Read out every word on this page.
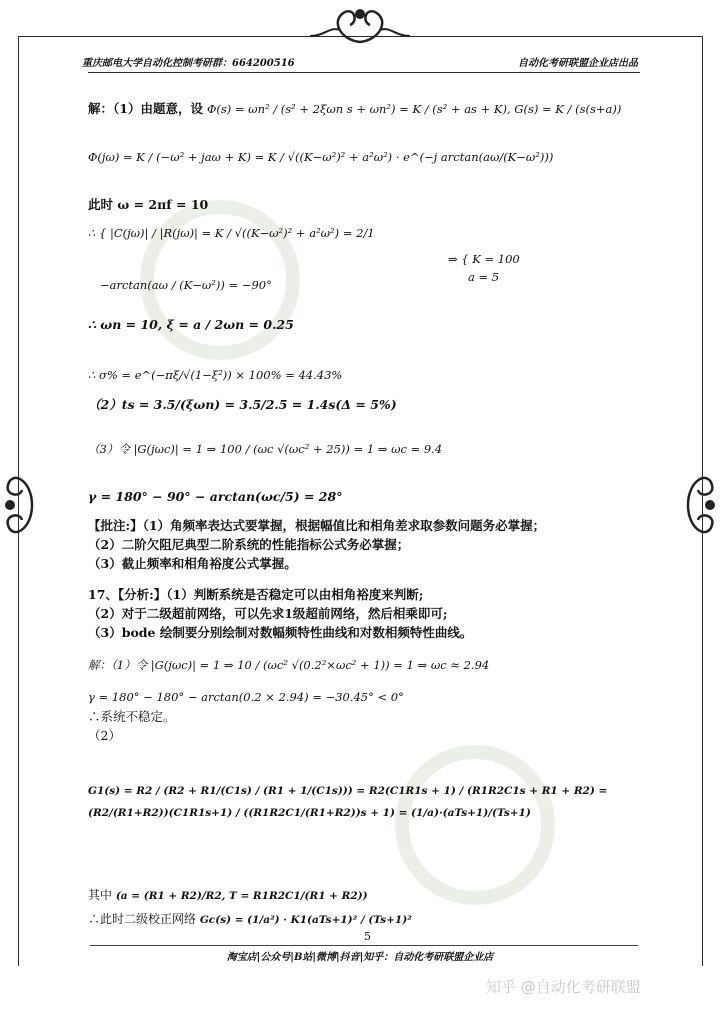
重庆邮电大学自动化控制考研群：664200516	自动化考研联盟企业店出品
解：（1）由题意，设 Φ(s) = ωn² / (s² + 2ξωn s + ωn²) = K / (s² + as + K), G(s) = K / (s(s+a))
Φ(jω) = K / (−ω² + jaω + K) = K / √((K−ω²)² + a²ω²) · e^(−j arctan(aω/(K−ω²)))
此时 ω = 2πf = 10
∴ { |C(jω)| / |R(jω)| = K / √((K−ω²)² + a²ω²) = 2/1
⇒ { K = 100
a = 5
−arctan(aω / (K−ω²)) = −90°
∴ ωn = 10, ξ = a / 2ωn = 0.25
∴ σ% = e^(−πξ/√(1−ξ²)) × 100% = 44.43%
（2）ts = 3.5/(ξωn) = 3.5/2.5 = 1.4s(Δ = 5%)
（3）令 |G(jωc)| = 1 ⇒ 100 / (ωc √(ωc² + 25)) = 1 ⇒ ωc = 9.4
γ = 180° − 90° − arctan(ωc/5) = 28°
【批注:】（1）角频率表达式要掌握，根据幅值比和相角差求取参数问题务必掌握；
（2）二阶欠阻尼典型二阶系统的性能指标公式务必掌握；
（3）截止频率和相角裕度公式掌握。
17、【分析:】（1）判断系统是否稳定可以由相角裕度来判断;
（2）对于二级超前网络，可以先求1级超前网络，然后相乘即可;
（3）bode 绘制要分别绘制对数幅频特性曲线和对数相频特性曲线。
解：（1）令 |G(jωc)| = 1 ⇒ 10 / (ωc² √(0.2²×ωc² + 1)) = 1 ⇒ ωc ≈ 2.94
γ = 180° − 180° − arctan(0.2 × 2.94) = −30.45° < 0°
∴系统不稳定。
（2）
G1(s) = R2 / (R2 + R1/(C1s) / (R1 + 1/(C1s))) = R2(C1R1s + 1) / (R1R2C1s + R1 + R2) = (R2/(R1+R2))(C1R1s+1) / ((R1R2C1/(R1+R2))s + 1) = (1/a)·(aTs+1)/(Ts+1)
其中 (a = (R1 + R2)/R2, T = R1R2C1/(R1 + R2))
∴此时二级校正网络 Gc(s) = (1/a²) · K1(aTs+1)² / (Ts+1)²
5
淘宝店|公众号|B站|微博|抖音|知乎：自动化考研联盟企业店
知乎 @自动化考研联盟
